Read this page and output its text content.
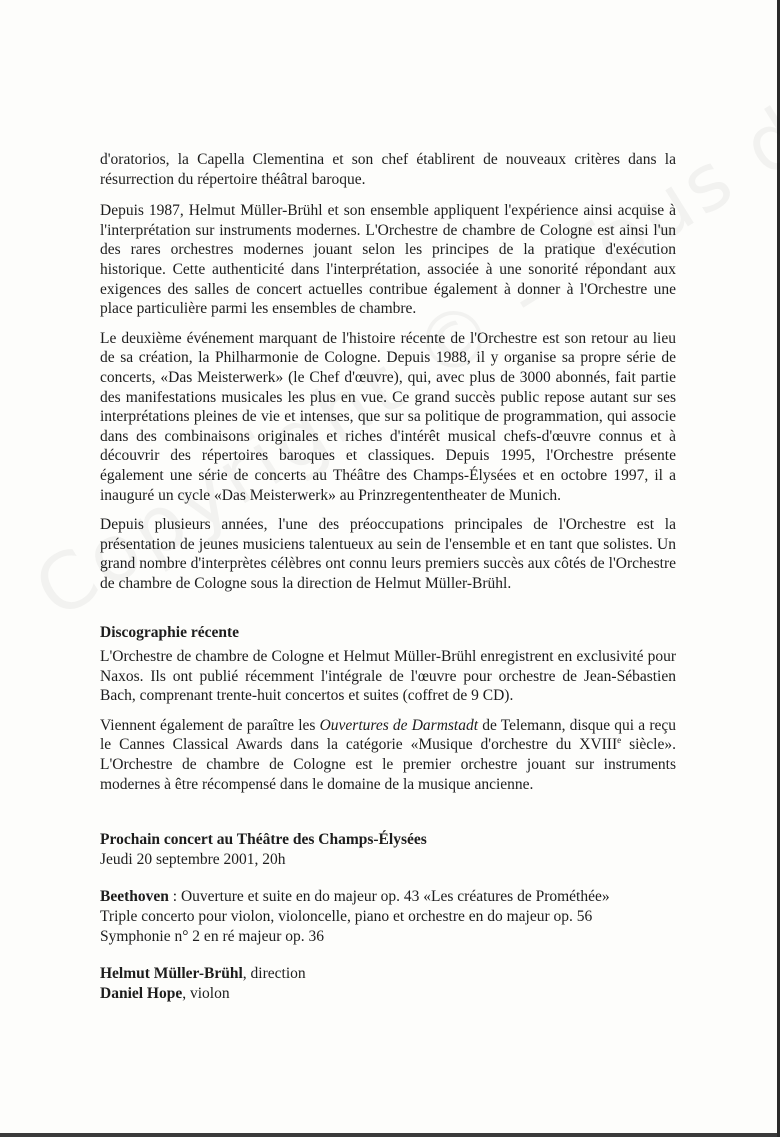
d'oratorios, la Capella Clementina et son chef établirent de nouveaux critères dans la résurrection du répertoire théâtral baroque.

Depuis 1987, Helmut Müller-Brühl et son ensemble appliquent l'expérience ainsi acquise à l'interprétation sur instruments modernes. L'Orchestre de chambre de Cologne est ainsi l'un des rares orchestres modernes jouant selon les principes de la pratique d'exécution historique. Cette authenticité dans l'interprétation, associée à une sonorité répondant aux exigences des salles de concert actuelles contribue également à donner à l'Orchestre une place particulière parmi les ensembles de chambre.

Le deuxième événement marquant de l'histoire récente de l'Orchestre est son retour au lieu de sa création, la Philharmonie de Cologne. Depuis 1988, il y organise sa propre série de concerts, «Das Meisterwerk» (le Chef d'œuvre), qui, avec plus de 3000 abonnés, fait partie des manifestations musicales les plus en vue. Ce grand succès public repose autant sur ses interprétations pleines de vie et intenses, que sur sa politique de programmation, qui associe dans des combinaisons originales et riches d'intérêt musical chefs-d'œuvre connus et à découvrir des répertoires baroques et classiques. Depuis 1995, l'Orchestre présente également une série de concerts au Théâtre des Champs-Élysées et en octobre 1997, il a inauguré un cycle «Das Meisterwerk» au Prinzregententheater de Munich.

Depuis plusieurs années, l'une des préoccupations principales de l'Orchestre est la présentation de jeunes musiciens talentueux au sein de l'ensemble et en tant que solistes. Un grand nombre d'interprètes célèbres ont connu leurs premiers succès aux côtés de l'Orchestre de chambre de Cologne sous la direction de Helmut Müller-Brühl.

Discographie récente

L'Orchestre de chambre de Cologne et Helmut Müller-Brühl enregistrent en exclusivité pour Naxos. Ils ont publié récemment l'intégrale de l'œuvre pour orchestre de Jean-Sébastien Bach, comprenant trente-huit concertos et suites (coffret de 9 CD).

Viennent également de paraître les Ouvertures de Darmstadt de Telemann, disque qui a reçu le Cannes Classical Awards dans la catégorie «Musique d'orchestre du XVIIIe siècle». L'Orchestre de chambre de Cologne est le premier orchestre jouant sur instruments modernes à être récompensé dans le domaine de la musique ancienne.

Prochain concert au Théâtre des Champs-Élysées
Jeudi 20 septembre 2001, 20h
Beethoven : Ouverture et suite en do majeur op. 43 «Les créatures de Prométhée»
Triple concerto pour violon, violoncelle, piano et orchestre en do majeur op. 56
Symphonie n° 2 en ré majeur op. 36
Helmut Müller-Brühl, direction
Daniel Hope, violon
